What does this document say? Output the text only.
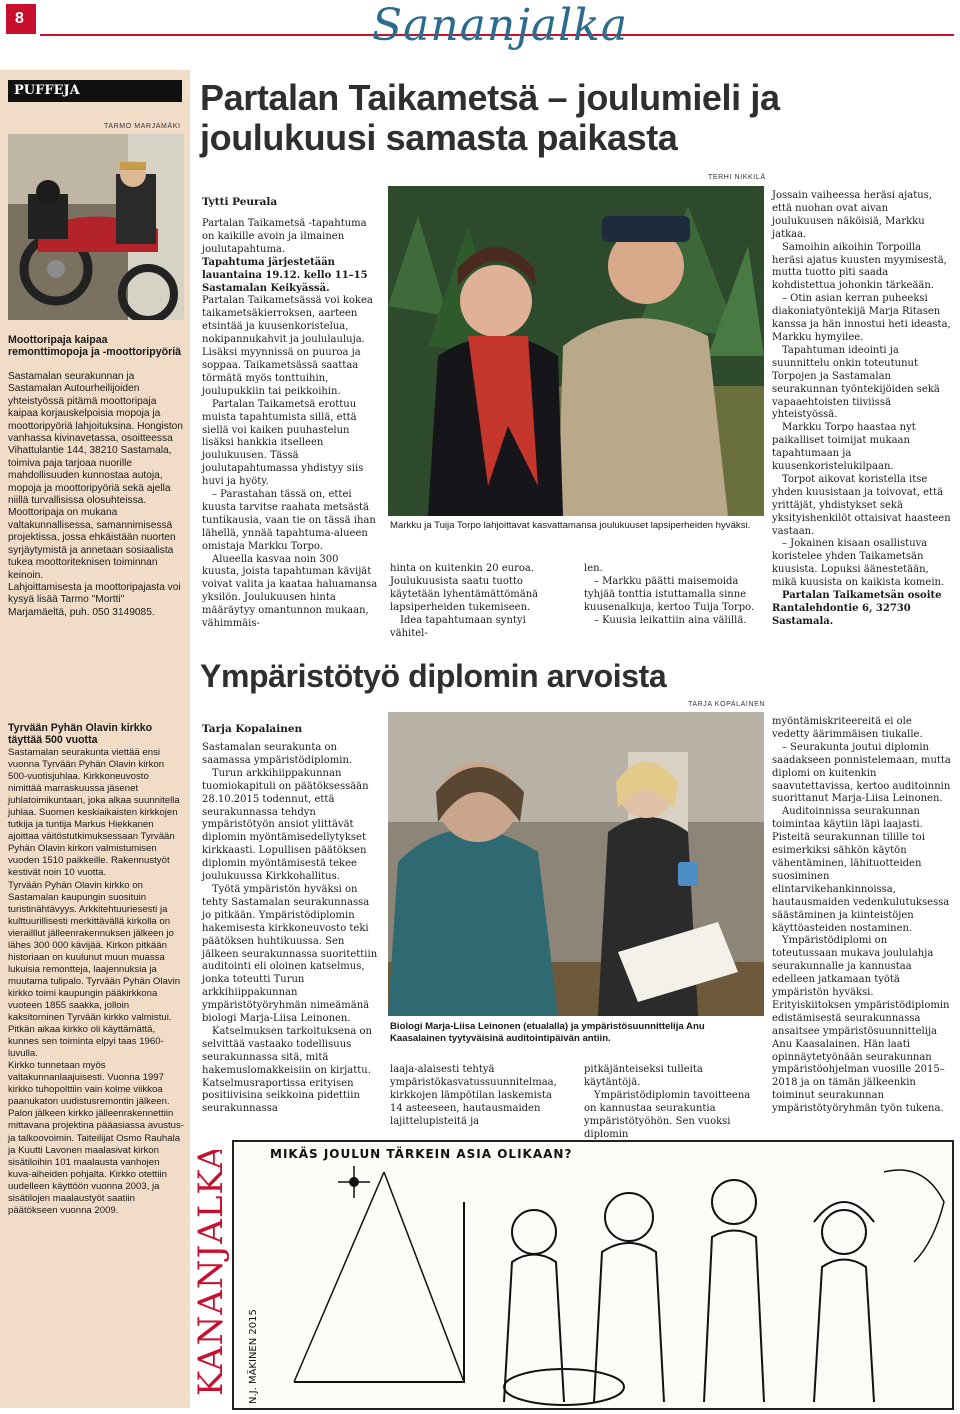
8	Sananjalka
PUFFEJA
TARMO MARJAMÄKI
Moottoripaja kaipaa remonttimopoja ja -moottoripyöriä

Sastamalan seurakunnan ja Sastamalan Autourheilijoiden yhteistyössä pitämä moottoripaja kaipaa korjauskelpoisia mopoja ja moottoripyöriä lahjoituksina. Hongiston vanhassa kivinavetassa, osoitteessa Vihattulantie 144, 38210 Sastamala, toimiva paja tarjoaa nuorille mahdollisuuden kunnostaa autoja, mopoja ja moottoripyöriä sekä ajella niillä turvallisissa olosuhteissa.

Moottoripaja on mukana valtakunnallisessa, samannimisessä projektissa, jossa ehkäistään nuorten syrjäytymistä ja annetaan sosiaalista tukea moottoriteknisen toiminnan keinoin.

Lahjoittamisesta ja moottoripajasta voi kysyä lisää Tarmo "Mortti" Marjamäeltä, puh. 050 3149085.

Tyrvään Pyhän Olavin kirkko täyttää 500 vuotta

Sastamalan seurakunta viettää ensi vuonna Tyrvään Pyhän Olavin kirkon 500-vuotisjuhlaa. Kirkkoneuvosto nimittää marraskuussa jäsenet juhlatoimikuntaan, joka alkaa suunnitella juhlaa. Suomen keskiaikaisten kirkkojen tutkija ja tuntija Markus Hiekkanen ajoittaa väitöstutkimuksessaan Tyrvään Pyhän Olavin kirkon valmistumisen vuoden 1510 paikkeille. Rakennustyöt kestivät noin 10 vuotta.

Tyrvään Pyhän Olavin kirkko on Sastamalan kaupungin suosituin turistinähtävyys. Arkkitehtuuriesesti ja kulttuurillisesti merkittävällä kirkolla on vierailllut jälleenrakennuksen jälkeen jo lähes 300 000 kävijää. Kirkon pitkään historiaan on kuulunut muun muassa lukuisia remontteja, laajennuksia ja muutama tulipalo. Tyrvään Pyhän Olavin kirkko toimi kaupungin pääkirkkona vuoteen 1855 saakka, jolloin kaksitorninen Tyrvään kirkko valmistui. Pitkän aikaa kirkko oli käyttämättä, kunnes sen toiminta elpyi taas 1960-luvulla.

Kirkko tunnetaan myös valtakunnanlaajuisesti. Vuonna 1997 kirkko tuhopolttiin vain kolme viikkoa paanukaton uudistusremontin jälkeen. Palon jälkeen kirkko jälleenrakennettiin mittavana projektina pääasiassa avustus- ja talkoovoimin. Taiteilijat Osmo Rauhala ja Kuutti Lavonen maalasivat kirkon sisätiloihin 101 maalausta vanhojen kuva-aiheiden pohjalta. Kirkko otettiin uudelleen käyttöön vuonna 2003, ja sisätilojen maalaustyöt saatiin päätökseen vuonna 2009.

Partalan Taikametsä – joulumieli ja joulukuusi samasta paikasta
TERHI NIKKILÄ
Tytti Peurala

Partalan Taikametsä -tapahtuma on kaikille avoin ja ilmainen joulutapahtuma.

Tapahtuma järjestetään lauantaina 19.12. kello 11–15 Sastamalan Keikyässä.

Partalan Taikametsässä voi kokea taikametsäkierroksen, aarteen etsintää ja kuusenkoristelua, nokipannukahvit ja joululauluja. Lisäksi myynnissä on puuroa ja soppaa. Taikametsässä saattaa törmätä myös tonttuihin, joulupukkiin tai peikkoihin.

Partalan Taikametsä erottuu muista tapahtumista sillä, että siellä voi kaiken puuhastelun lisäksi hankkia itselleen joulukuusen. Tässä joulutapahtumassa yhdistyy siis huvi ja hyöty.

– Parastahan tässä on, ettei kuusta tarvitse raahata metsästä tuntikausia, vaan tie on tässä ihan lähellä, ynnää tapahtuma-alueen omistaja Markku Torpo.

Alueella kasvaa noin 300 kuusta, joista tapahtuman kävijät voivat valita ja kaataa haluamansa yksilön. Joulukuusen hinta määräytyy omantunnon mukaan, vähimmäis-

Markku ja Tuija Torpo lahjoittavat kasvattamansa joulukuuset lapsiperheiden hyväksi.

hinta on kuitenkin 20 euroa. Joulukuusista saatu tuotto käytetään lyhentämättömänä lapsiperheiden tukemiseen.

Idea tapahtumaan syntyi vähitel-

len.

– Markku päätti maisemoida tyhjää tonttia istuttamalla sinne kuusenalkuja, kertoo Tuija Torpo.

– Kuusia leikattiin aina välillä.

Jossain vaiheessa heräsi ajatus, että nuohan ovat aivan joulukuusen näköisiä, Markku jatkaa.

Samoihin aikoihin Torpoilla heräsi ajatus kuusten myymisestä, mutta tuotto piti saada kohdistettua johonkin tärkeään.

– Otin asian kerran puheeksi diakoniatyöntekijä Marja Ritasen kanssa ja hän innostui heti ideasta, Markku hymyilee.

Tapahtuman ideointi ja suunnittelu onkin toteutunut Torpojen ja Sastamalan seurakunnan työntekijöiden sekä vapaaehtoisten tiiviissä yhteistyössä.

Markku Torpo haastaa nyt paikalliset toimijat mukaan tapahtumaan ja kuusenkoristelukilpaan.

Torpot aikovat koristella itse yhden kuusistaan ja toivovat, että yrittäjät, yhdistykset sekä yksityishenkilöt ottaisivat haasteen vastaan.

– Jokainen kisaan osallistuva koristelee yhden Taikametsän kuusista. Lopuksi äänestetään, mikä kuusista on kaikista komein.

Partalan Taikametsän osoite Rantalehdontie 6, 32730 Sastamala.

Ympäristötyö diplomin arvoista
TARJA KOPALAINEN
Tarja Kopalainen

Sastamalan seurakunta on saamassa ympäristödiplomin.

Turun arkkihiippakunnan tuomiokapituli on päätöksessään 28.10.2015 todennut, että seurakunnassa tehdyn ympäristötyön ansiot ylittävät diplomin myöntämisedellytykset kirkkaasti. Lopullisen päätöksen diplomin myöntämisestä tekee joulukuussa Kirkkohallitus.

Työtä ympäristön hyväksi on tehty Sastamalan seurakunnassa jo pitkään. Ympäristödiplomin hakemisesta kirkkoneuvosto teki päätöksen huhtikuussa. Sen jälkeen seurakunnassa suoritettiin auditointi eli oloinen katselmus, jonka toteutti Turun arkkihiippakunnan ympäristötyöryhmän nimeämänä biologi Marja-Liisa Leinonen.

Katselmuksen tarkoituksena on selvittää vastaako todellisuus seurakunnassa sitä, mitä hakemuslomakkeisiin on kirjattu. Katselmusraportissa erityisen positiivisina seikkoina pidettiin seurakunnassa

Biologi Marja-Liisa Leinonen (etualalla) ja ympäristösuunnittelija Anu Kaasalainen tyytyväisinä auditointipäivän antiin.

laaja-alaisesti tehtyä ympäristökasvatussuunnitelmaa, kirkkojen lämpötilan laskemista 14 asteeseen, hautausmaiden lajittelupisteitä ja

pitkäjänteiseksi tulleita käytäntöjä.

Ympäristödiplomin tavoitteena on kannustaa seurakuntia ympäristötyöhön. Sen vuoksi diplomin

myöntämiskriteereitä ei ole vedetty äärimmäisen tiukalle.

– Seurakunta joutui diplomin saadakseen ponnistelemaan, mutta diplomi on kuitenkin saavutettavissa, kertoo auditoinnin suorittanut Marja-Liisa Leinonen.

Auditoinnissa seurakunnan toimintaa käytiin läpi laajasti. Pisteitä seurakunnan tilille toi esimerkiksi sähkön käytön vähentäminen, lähituotteiden suosiminen elintarvikehankinnoissa, hautausmaiden vedenkulutuksessa säästäminen ja kiinteistöjen käyttöasteiden nostaminen.

Ympäristödiplomi on toteutussaan mukava joululahja seurakunnalle ja kannustaa edelleen jatkamaan työtä ympäristön hyväksi. Erityiskiitoksen ympäristödiplomin edistämisestä seurakunnassa ansaitsee ympäristösuunnittelija Anu Kaasalainen. Hän laati opinnäytetyönään seurakunnan ympäristöohjelman vuosille 2015–2018 ja on tämän jälkeenkin toiminut seurakunnan ympäristötyöryhmän työn tukena.

KANANJALKA	MIKÄS JOULUN TÄRKEIN ASIA OLIKAAN?
N.J. MÄKINEN 2015
